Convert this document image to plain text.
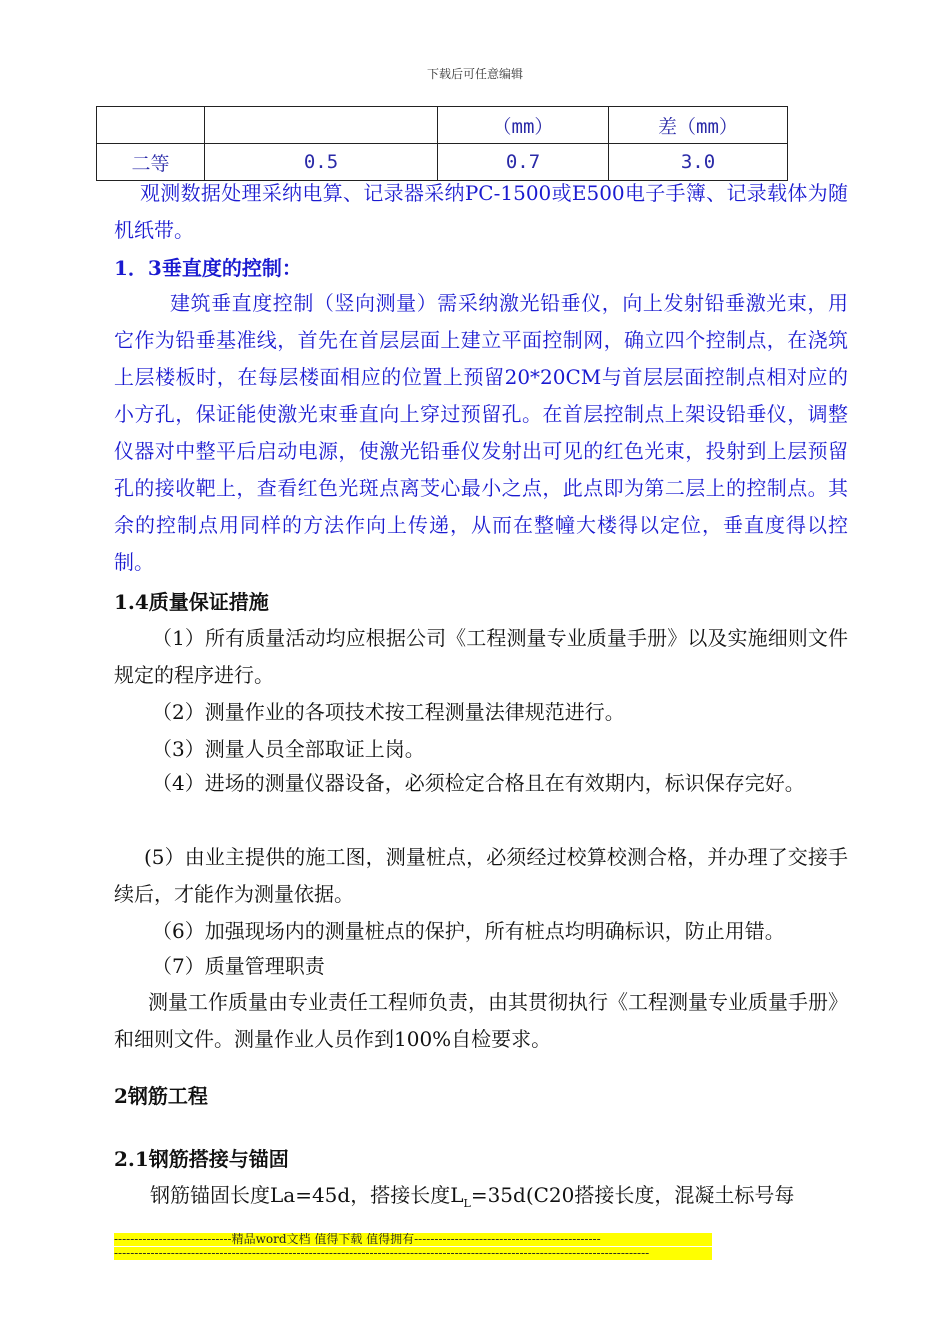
下载后可任意编辑
		（mm）	差（mm）
二等	0.5	0.7	3.0
观测数据处理采纳电算、记录器采纳PC-1500或E500电子手簿、记录载体为随机纸带。
1．3垂直度的控制：
建筑垂直度控制（竖向测量）需采纳激光铅垂仪，向上发射铅垂激光束，用它作为铅垂基准线，首先在首层层面上建立平面控制网，确立四个控制点，在浇筑上层楼板时，在每层楼面相应的位置上预留20*20CM与首层层面控制点相对应的小方孔，保证能使激光束垂直向上穿过预留孔。在首层控制点上架设铅垂仪，调整仪器对中整平后启动电源，使激光铅垂仪发射出可见的红色光束，投射到上层预留孔的接收靶上，查看红色光斑点离芠心最小之点，此点即为第二层上的控制点。其余的控制点用同样的方法作向上传递，从而在整幢大楼得以定位，垂直度得以控制。
1.4质量保证措施
（1）所有质量活动均应根据公司《工程测量专业质量手册》以及实施细则文件规定的程序进行。
（2）测量作业的各项技术按工程测量法律规范进行。
（3）测量人员全部取证上岗。
（4）进场的测量仪器设备，必须检定合格且在有效期内，标识保存完好。
(5）由业主提供的施工图，测量桩点，必须经过校算校测合格，并办理了交接手续后，才能作为测量依据。
（6）加强现场内的测量桩点的保护，所有桩点均明确标识，防止用错。
（7）质量管理职责
测量工作质量由专业责任工程师负责，由其贯彻执行《工程测量专业质量手册》和细则文件。测量作业人员作到100%自检要求。
2钢筋工程
2.1钢筋搭接与锚固
钢筋锚固长度La=45d，搭接长度$L_L=35d(C20$搭接长度，混凝土标号每
-----------------------------精品word文档 值得下载 值得拥有----------------------------------------------
------------------------------------------------------------------------------------------------------------------------------------
